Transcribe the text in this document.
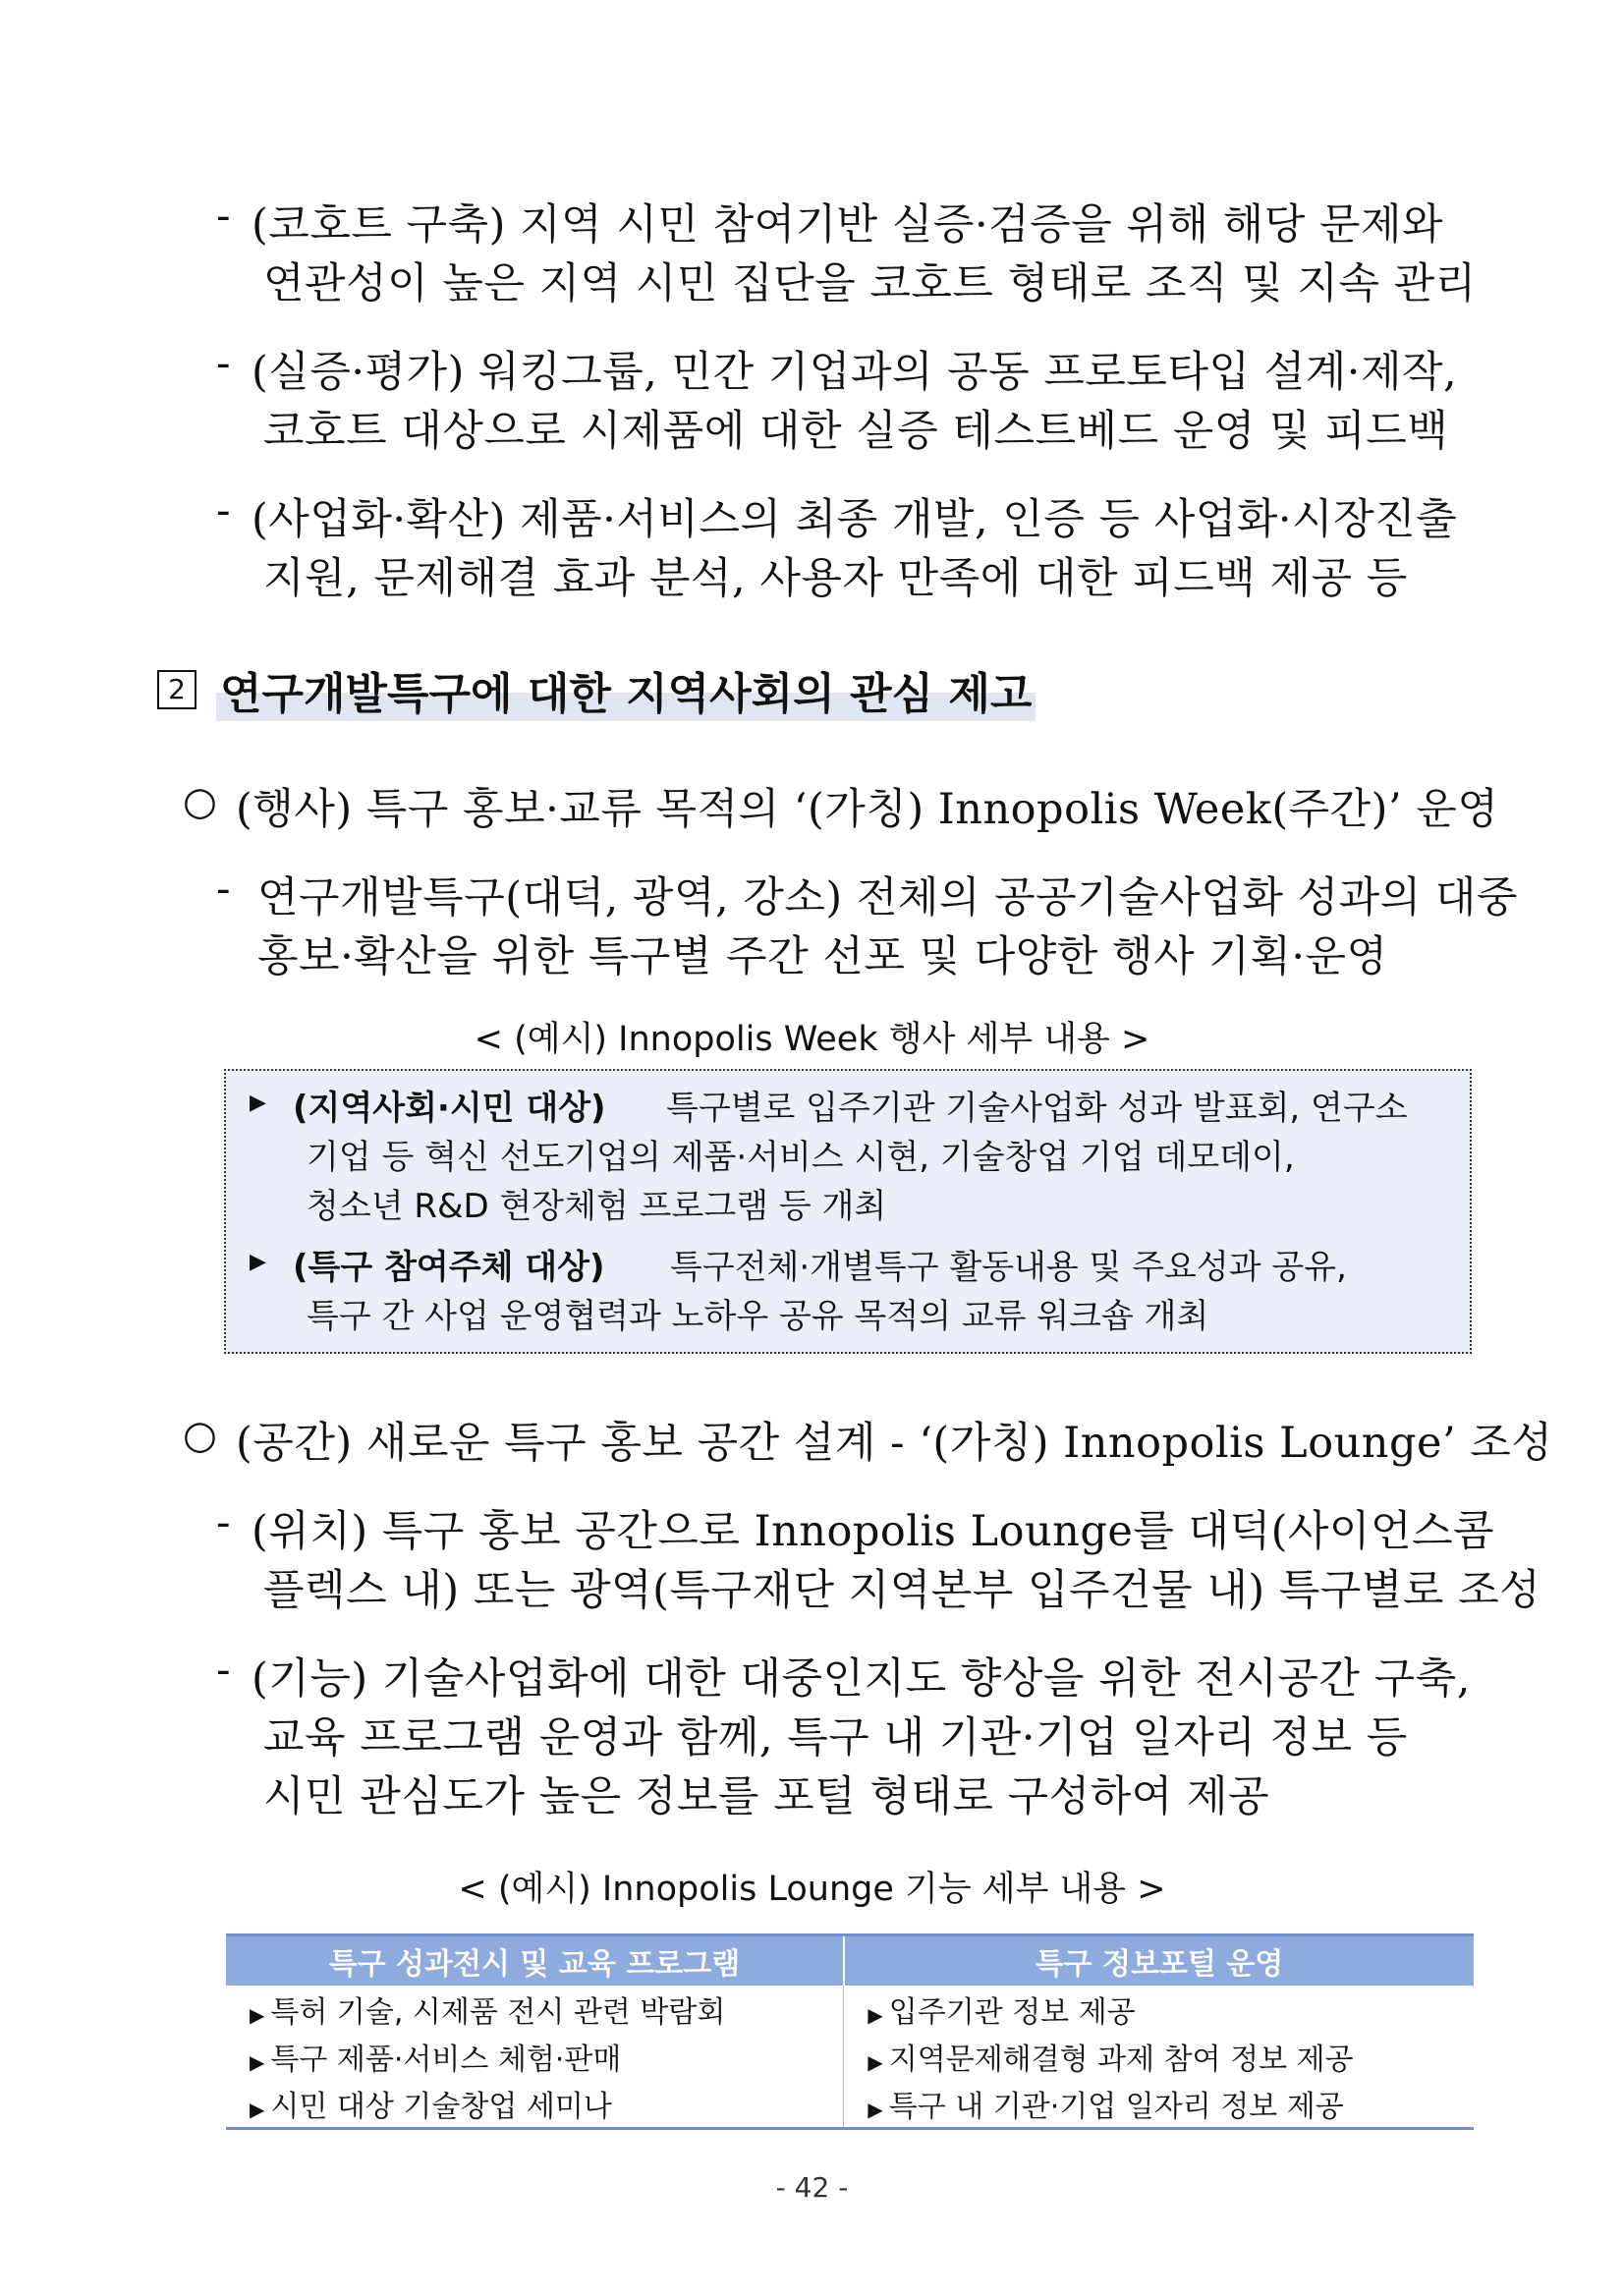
- (코호트 구축) 지역 시민 참여기반 실증·검증을 위해 해당 문제와
연관성이 높은 지역 시민 집단을 코호트 형태로 조직 및 지속 관리
- (실증·평가) 워킹그룹, 민간 기업과의 공동 프로토타입 설계·제작,
코호트 대상으로 시제품에 대한 실증 테스트베드 운영 및 피드백
- (사업화·확산) 제품·서비스의 최종 개발, 인증 등 사업화·시장진출
지원, 문제해결 효과 분석, 사용자 만족에 대한 피드백 제공 등
2 연구개발특구에 대한 지역사회의 관심 제고
○ (행사) 특구 홍보·교류 목적의 ‘(가칭) Innopolis Week(주간)’ 운영
- 연구개발특구(대덕, 광역, 강소) 전체의 공공기술사업화 성과의 대중
홍보·확산을 위한 특구별 주간 선포 및 다양한 행사 기획·운영
< (예시) Innopolis Week 행사 세부 내용 >
▶ (지역사회·시민 대상) 특구별로 입주기관 기술사업화 성과 발표회, 연구소
기업 등 혁신 선도기업의 제품·서비스 시현, 기술창업 기업 데모데이,
청소년 R&D 현장체험 프로그램 등 개최
▶ (특구 참여주체 대상) 특구전체·개별특구 활동내용 및 주요성과 공유,
특구 간 사업 운영협력과 노하우 공유 목적의 교류 워크숍 개최
○ (공간) 새로운 특구 홍보 공간 설계 - ‘(가칭) Innopolis Lounge’ 조성
- (위치) 특구 홍보 공간으로 Innopolis Lounge를 대덕(사이언스콤
플렉스 내) 또는 광역(특구재단 지역본부 입주건물 내) 특구별로 조성
- (기능) 기술사업화에 대한 대중인지도 향상을 위한 전시공간 구축,
교육 프로그램 운영과 함께, 특구 내 기관·기업 일자리 정보 등
시민 관심도가 높은 정보를 포털 형태로 구성하여 제공
< (예시) Innopolis Lounge 기능 세부 내용 >
특구 성과전시 및 교육 프로그램	특구 정보포털 운영
▶ 특허 기술, 시제품 전시 관련 박람회	▶ 입주기관 정보 제공
▶ 특구 제품·서비스 체험·판매	▶ 지역문제해결형 과제 참여 정보 제공
▶ 시민 대상 기술창업 세미나	▶ 특구 내 기관·기업 일자리 정보 제공
- 42 -
